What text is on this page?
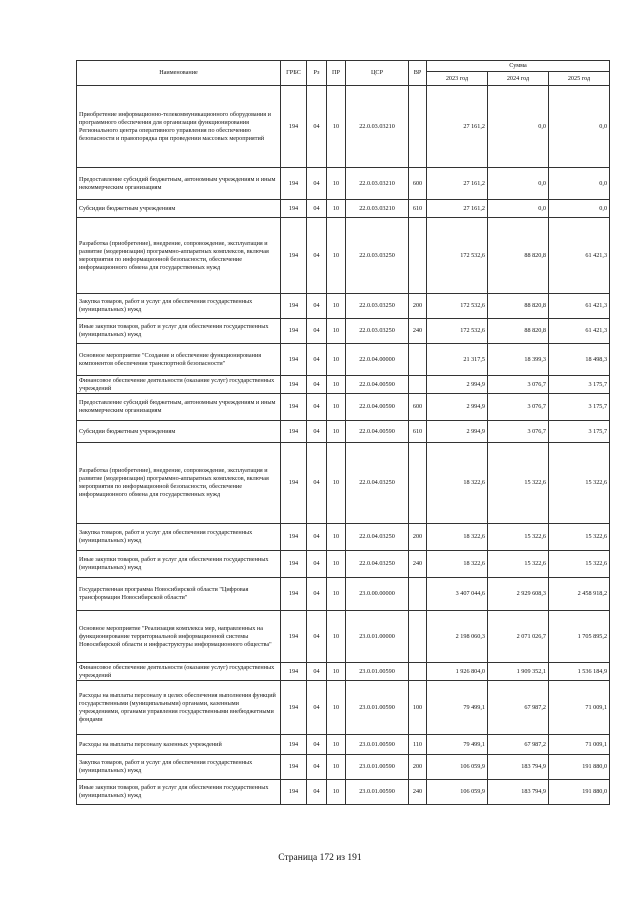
Наименование	ГРБС	Рз	ПР	ЦСР	ВР	Сумма		
						2023 год	2024 год	2025 год
Приобретение информационно-телекоммуникационного оборудования и программного обеспечения для организации функционирования Регионального центра оперативного управления по обеспечению безопасности и правопорядка при проведении массовых мероприятий	194	04	10	22.0.03.03210		27 161,2	0,0	0,0
Предоставление субсидий бюджетным, автономным учреждениям и иным некоммерческим организациям	194	04	10	22.0.03.03210	600	27 161,2	0,0	0,0
Субсидии бюджетным учреждениям	194	04	10	22.0.03.03210	610	27 161,2	0,0	0,0
Разработка (приобретение), внедрение, сопровождение, эксплуатация и развитие (модернизация) программно-аппаратных комплексов, включая мероприятия по информационной безопасности, обеспечение информационного обмена для государственных нужд	194	04	10	22.0.03.03250		172 532,6	88 820,8	61 421,3
Закупка товаров, работ и услуг для обеспечения государственных (муниципальных) нужд	194	04	10	22.0.03.03250	200	172 532,6	88 820,8	61 421,3
Иные закупки товаров, работ и услуг для обеспечения государственных (муниципальных) нужд	194	04	10	22.0.03.03250	240	172 532,6	88 820,8	61 421,3
Основное мероприятие "Создание и обеспечение функционирования компонентов обеспечения транспортной безопасности"	194	04	10	22.0.04.00000		21 317,5	18 399,3	18 498,3
Финансовое обеспечение деятельности (оказание услуг) государственных учреждений	194	04	10	22.0.04.00590		2 994,9	3 076,7	3 175,7
Предоставление субсидий бюджетным, автономным учреждениям и иным некоммерческим организациям	194	04	10	22.0.04.00590	600	2 994,9	3 076,7	3 175,7
Субсидии бюджетным учреждениям	194	04	10	22.0.04.00590	610	2 994,9	3 076,7	3 175,7
Разработка (приобретение), внедрение, сопровождение, эксплуатация и развитие (модернизация) программно-аппаратных комплексов, включая мероприятия по информационной безопасности, обеспечение информационного обмена для государственных нужд	194	04	10	22.0.04.03250		18 322,6	15 322,6	15 322,6
Закупка товаров, работ и услуг для обеспечения государственных (муниципальных) нужд	194	04	10	22.0.04.03250	200	18 322,6	15 322,6	15 322,6
Иные закупки товаров, работ и услуг для обеспечения государственных (муниципальных) нужд	194	04	10	22.0.04.03250	240	18 322,6	15 322,6	15 322,6
Государственная программа Новосибирской области "Цифровая трансформация Новосибирской области"	194	04	10	23.0.00.00000		3 407 044,6	2 929 608,3	2 458 918,2
Основное мероприятие "Реализация комплекса мер, направленных на функционирование территориальной информационной системы Новосибирской области и инфраструктуры информационного общества"	194	04	10	23.0.01.00000		2 198 060,3	2 071 026,7	1 705 895,2
Финансовое обеспечение деятельности (оказание услуг) государственных учреждений	194	04	10	23.0.01.00590		1 926 804,0	1 909 352,1	1 536 184,9
Расходы на выплаты персоналу в целях обеспечения выполнения функций государственными (муниципальными) органами, казенными учреждениями, органами управления государственными внебюджетными фондами	194	04	10	23.0.01.00590	100	79 499,1	67 987,2	71 009,1
Расходы на выплаты персоналу казенных учреждений	194	04	10	23.0.01.00590	110	79 499,1	67 987,2	71 009,1
Закупка товаров, работ и услуг для обеспечения государственных (муниципальных) нужд	194	04	10	23.0.01.00590	200	106 059,9	183 794,9	191 880,0
Иные закупки товаров, работ и услуг для обеспечения государственных (муниципальных) нужд	194	04	10	23.0.01.00590	240	106 059,9	183 794,9	191 880,0
Страница 172 из 191
